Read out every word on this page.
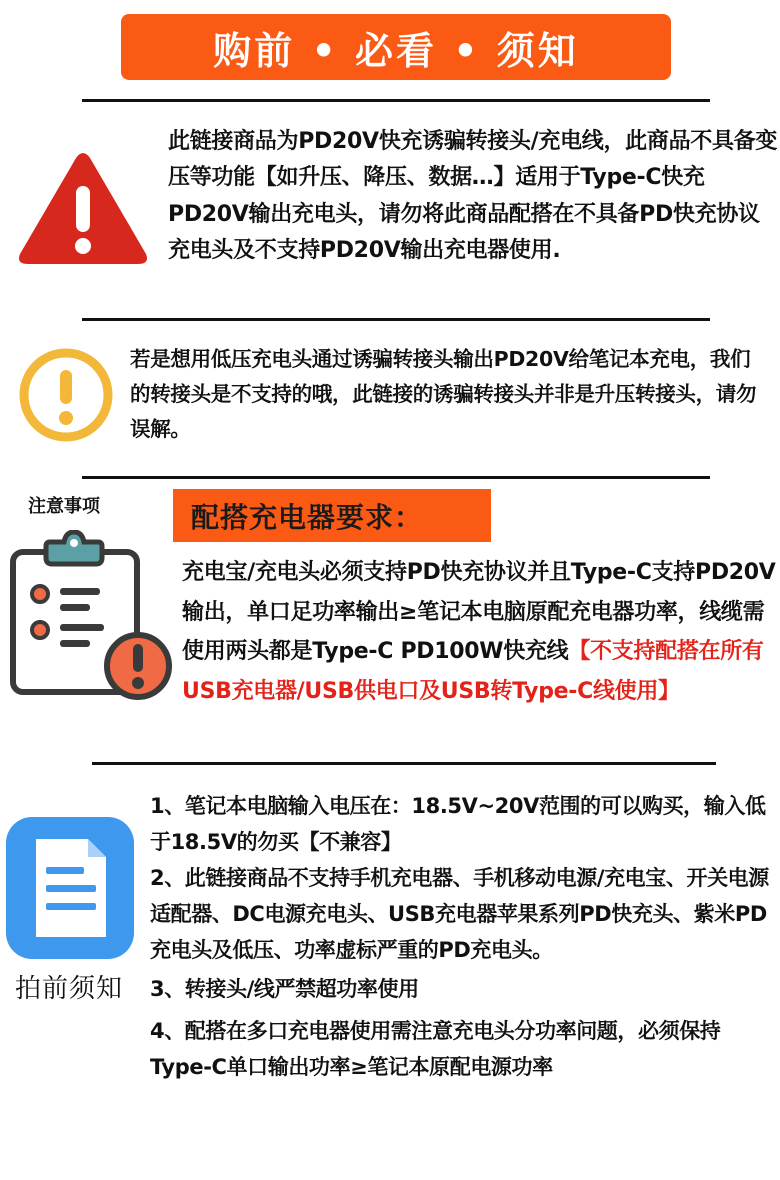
购前 • 必看 • 须知

此链接商品为PD20V快充诱骗转接头/充电线，此商品不具备变压等功能【如升压、降压、数据…】适用于Type-C快充PD20V输出充电头，请勿将此商品配搭在不具备PD快充协议充电头及不支持PD20V输出充电器使用.

若是想用低压充电头通过诱骗转接头输出PD20V给笔记本充电，我们的转接头是不支持的哦，此链接的诱骗转接头并非是升压转接头，请勿误解。

注意事项	配搭充电器要求：

充电宝/充电头必须支持PD快充协议并且Type-C支持PD20V输出，单口足功率输出≥笔记本电脑原配充电器功率，线缆需使用两头都是Type-C PD100W快充线【不支持配搭在所有USB充电器/USB供电口及USB转Type-C线使用】

拍前须知
1、笔记本电脑输入电压在：18.5V~20V范围的可以购买，输入低于18.5V的勿买【不兼容】
2、此链接商品不支持手机充电器、手机移动电源/充电宝、开关电源适配器、DC电源充电头、USB充电器苹果系列PD快充头、紫米PD充电头及低压、功率虚标严重的PD充电头。
3、转接头/线严禁超功率使用
4、配搭在多口充电器使用需注意充电头分功率问题，必须保持Type-C单口输出功率≥笔记本原配电源功率
